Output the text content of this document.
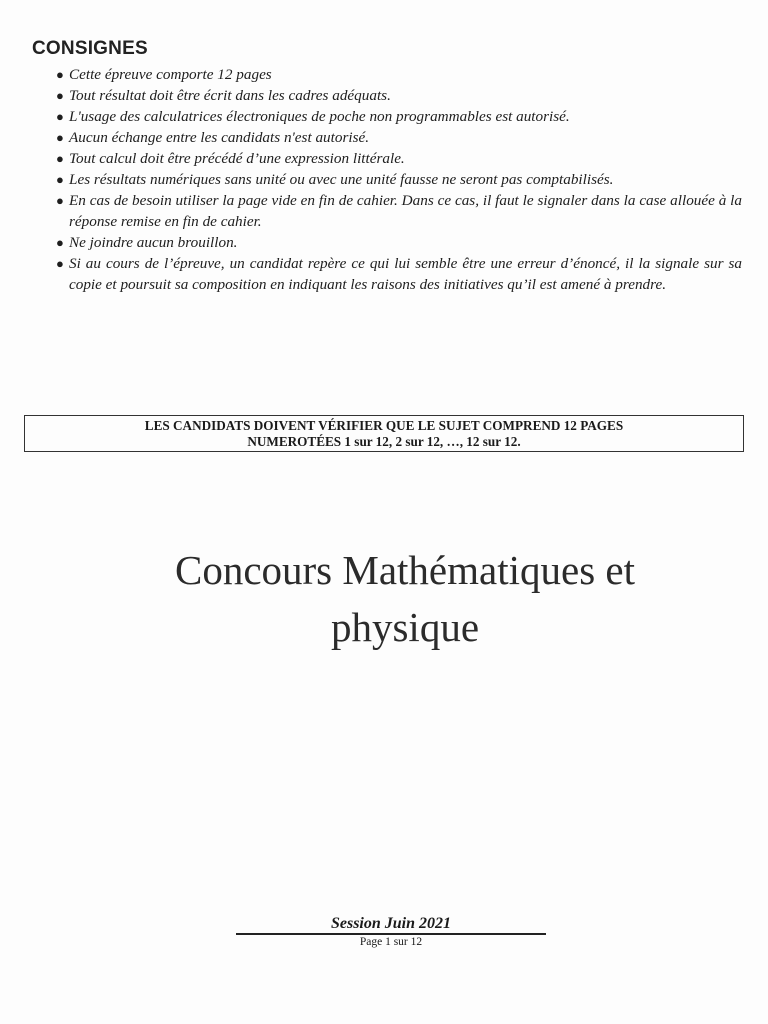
CONSIGNES
● Cette épreuve comporte 12 pages
● Tout résultat doit être écrit dans les cadres adéquats.
● L'usage des calculatrices électroniques de poche non programmables est autorisé.
● Aucun échange entre les candidats n'est autorisé.
● Tout calcul doit être précédé d’une expression littérale.
● Les résultats numériques sans unité ou avec une unité fausse ne seront pas comptabilisés.
● En cas de besoin utiliser la page vide en fin de cahier. Dans ce cas, il faut le signaler dans la case allouée à la réponse remise en fin de cahier.
● Ne joindre aucun brouillon.
● Si au cours de l’épreuve, un candidat repère ce qui lui semble être une erreur d’énoncé, il la signale sur sa copie et poursuit sa composition en indiquant les raisons des initiatives qu’il est amené à prendre.
LES CANDIDATS DOIVENT VÉRIFIER QUE LE SUJET COMPREND 12 PAGES
NUMEROTÉES 1 sur 12, 2 sur 12, …, 12 sur 12.
Concours Mathématiques et
physique
Session Juin 2021
Page 1 sur 12
